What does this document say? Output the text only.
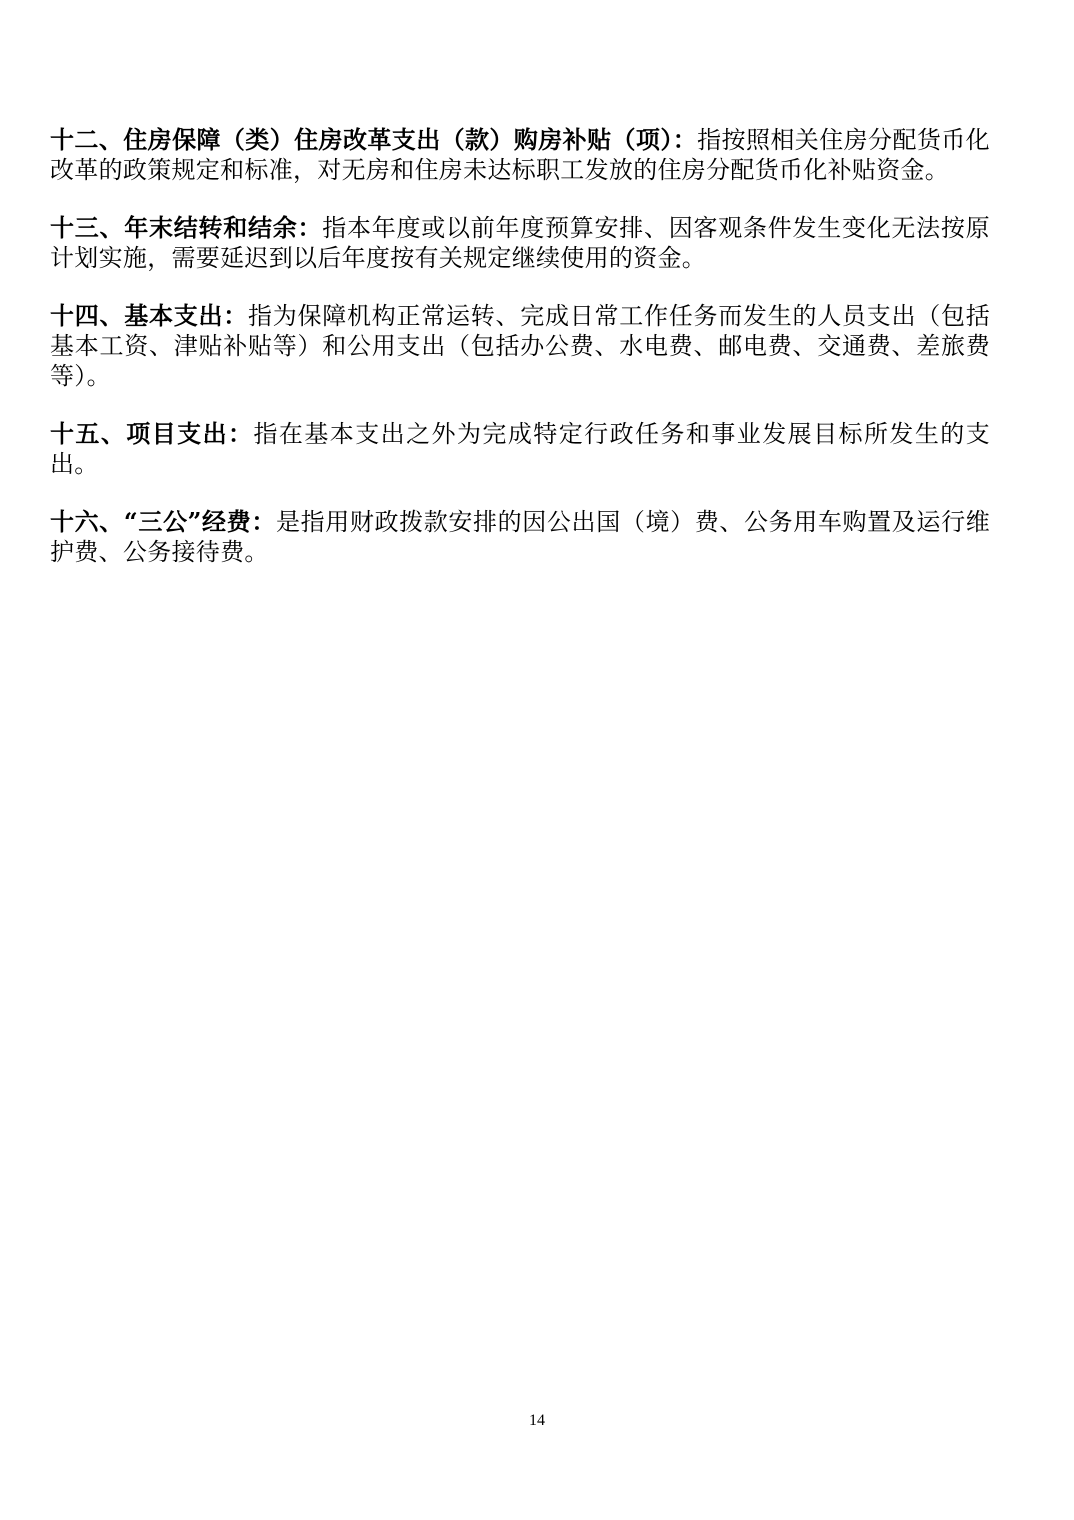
十二、住房保障（类）住房改革支出（款）购房补贴（项）：指按照相关住房分配货币化改革的政策规定和标准，对无房和住房未达标职工发放的住房分配货币化补贴资金。

十三、年末结转和结余：指本年度或以前年度预算安排、因客观条件发生变化无法按原计划实施，需要延迟到以后年度按有关规定继续使用的资金。

十四、基本支出：指为保障机构正常运转、完成日常工作任务而发生的人员支出（包括基本工资、津贴补贴等）和公用支出（包括办公费、水电费、邮电费、交通费、差旅费等）。

十五、项目支出：指在基本支出之外为完成特定行政任务和事业发展目标所发生的支出。

十六、“三公”经费：是指用财政拨款安排的因公出国（境）费、公务用车购置及运行维护费、公务接待费。

14
